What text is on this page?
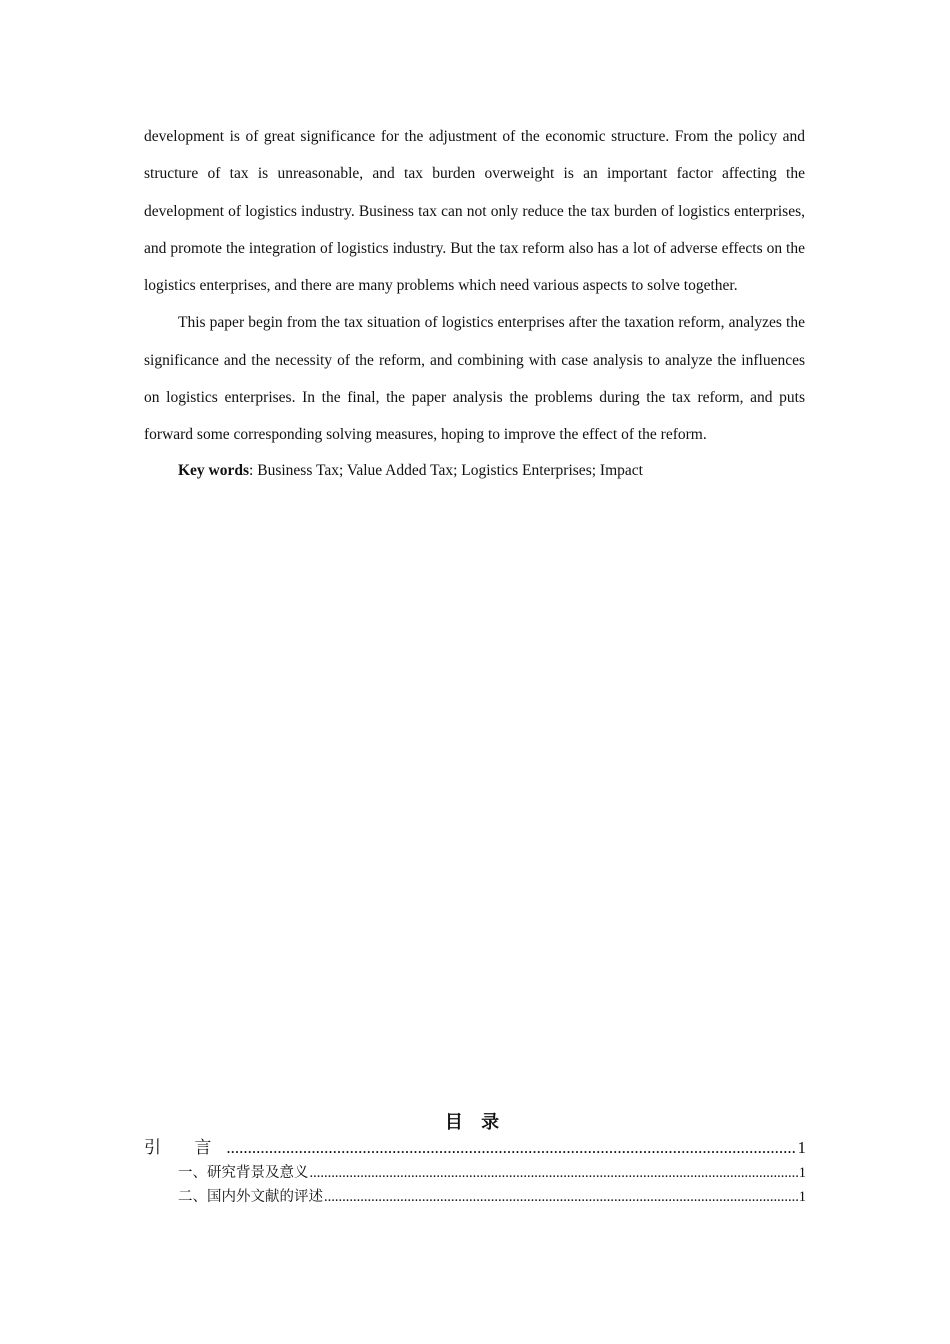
development is of great significance for the adjustment of the economic structure. From the policy and structure of tax is unreasonable, and tax burden overweight is an important factor affecting the development of logistics industry. Business tax can not only reduce the tax burden of logistics enterprises, and promote the integration of logistics industry. But the tax reform also has a lot of adverse effects on the logistics enterprises, and there are many problems which need various aspects to solve together.

This paper begin from the tax situation of logistics enterprises after the taxation reform, analyzes the significance and the necessity of the reform, and combining with case analysis to analyze the influences on logistics enterprises. In the final, the paper analysis the problems during the tax reform, and puts forward some corresponding solving measures, hoping to improve the effect of the reform.

Key words: Business Tax; Value Added Tax; Logistics Enterprises; Impact

目 录
引 言 .....	1
一、研究背景及意义 .....	1
二、国内外文献的评述 .....	1
